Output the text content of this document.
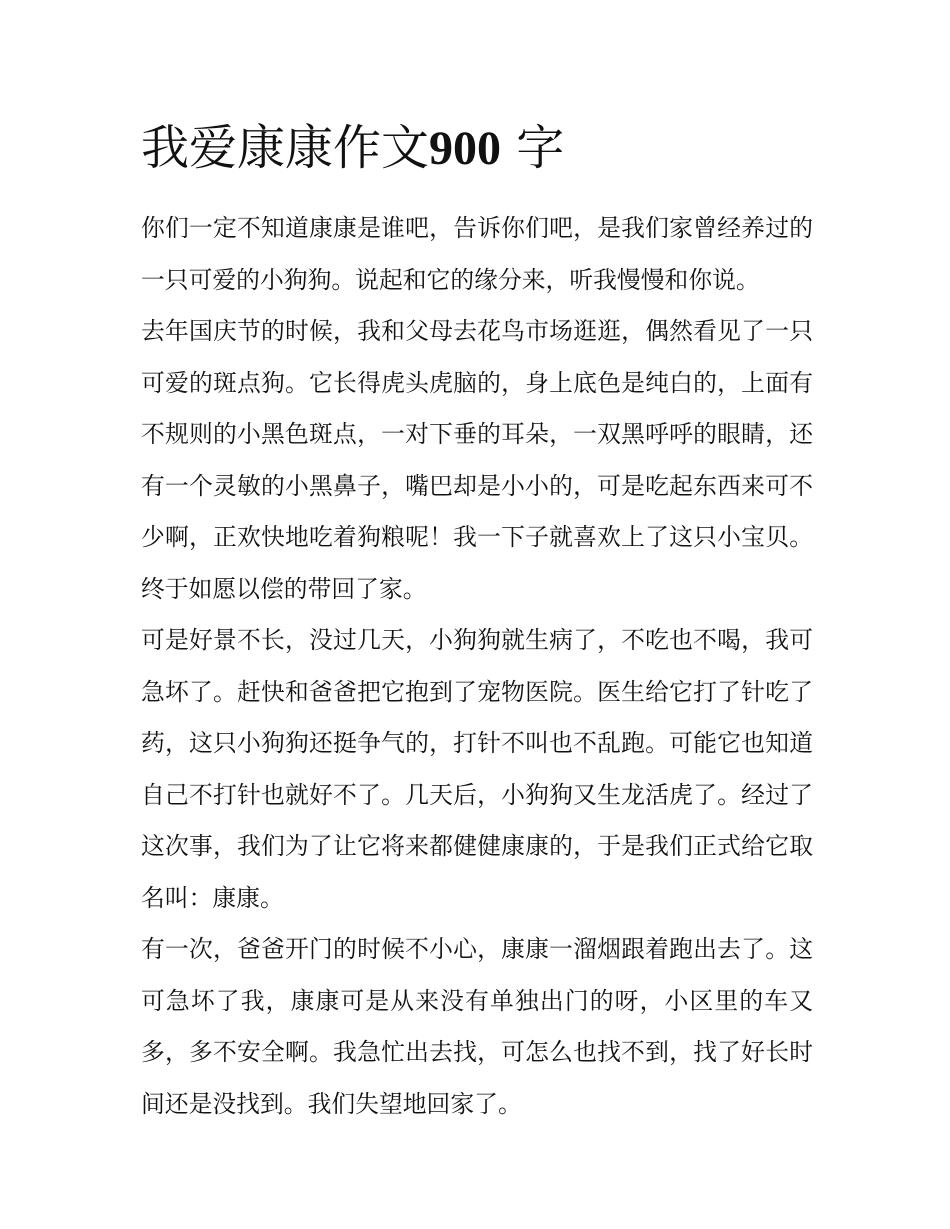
我爱康康作文900 字

你们一定不知道康康是谁吧，告诉你们吧，是我们家曾经养过的一只可爱的小狗狗。说起和它的缘分来，听我慢慢和你说。

去年国庆节的时候，我和父母去花鸟市场逛逛，偶然看见了一只可爱的斑点狗。它长得虎头虎脑的，身上底色是纯白的，上面有不规则的小黑色斑点，一对下垂的耳朵，一双黑呼呼的眼睛，还有一个灵敏的小黑鼻子，嘴巴却是小小的，可是吃起东西来可不少啊，正欢快地吃着狗粮呢！我一下子就喜欢上了这只小宝贝。终于如愿以偿的带回了家。

可是好景不长，没过几天，小狗狗就生病了，不吃也不喝，我可急坏了。赶快和爸爸把它抱到了宠物医院。医生给它打了针吃了药，这只小狗狗还挺争气的，打针不叫也不乱跑。可能它也知道自己不打针也就好不了。几天后，小狗狗又生龙活虎了。经过了这次事，我们为了让它将来都健健康康的，于是我们正式给它取名叫：康康。

有一次，爸爸开门的时候不小心，康康一溜烟跟着跑出去了。这可急坏了我，康康可是从来没有单独出门的呀，小区里的车又多，多不安全啊。我急忙出去找，可怎么也找不到，找了好长时间还是没找到。我们失望地回家了。
